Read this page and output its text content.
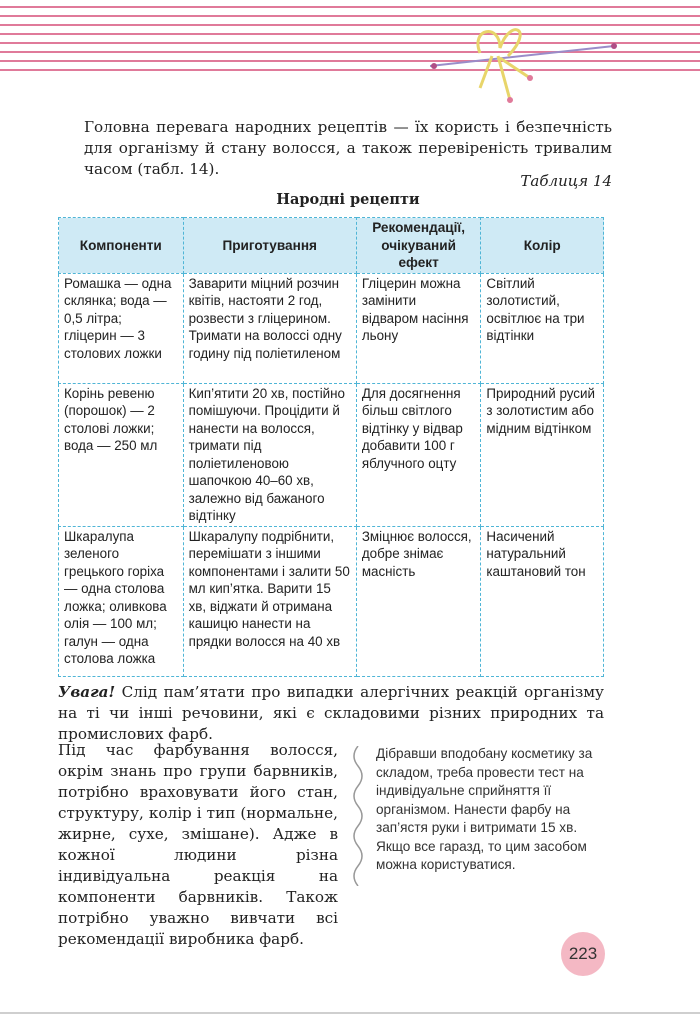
Головна перевага народних рецептів — їх користь і безпечність для організму й стану волосся, а також перевіреність тривалим часом (табл. 14).
Таблиця 14
Народні рецепти
Компоненти	Приготування	Рекомендації, очікуваний ефект	Колір
Ромашка — одна склянка; вода — 0,5 літра; гліцерин — 3 столових ложки	Заварити міцний розчин квітів, настояти 2 год, розвести з гліцерином. Тримати на волоссі одну годину під поліетиленом	Гліцерин можна замінити відваром насіння льону	Світлий золотистий, освітлює на три відтінки
Корінь ревеню (порошок) — 2 столові ложки; вода — 250 мл	Кип’ятити 20 хв, постійно помішуючи. Процідити й нанести на волосся, тримати під поліетиленовою шапочкою 40–60 хв, залежно від бажаного відтінку	Для досягнення більш світлого відтінку у відвар добавити 100 г яблучного оцту	Природний русий з золотистим або мідним відтінком
Шкаралупа зеленого грецького горіха — одна столова ложка; оливкова олія — 100 мл; галун — одна столова ложка	Шкаралупу подрібнити, перемішати з іншими компонентами і залити 50 мл кип’ятка. Варити 15 хв, віджати й отримана кашицю нанести на прядки волосся на 40 хв	Зміцнює волосся, добре знімає масність	Насичений натуральний каштановий тон
Увага! Слід пам’ятати про випадки алергічних реакцій організму на ті чи інші речовини, які є складовими різних природних та промислових фарб.
Під час фарбування волосся, окрім знань про групи барвників, потрібно враховувати його стан, структуру, колір і тип (нормальне, жирне, сухе, змішане). Адже в кожної людини різна індивідуальна реакція на компоненти барвників. Також потрібно уважно вивчати всі рекомендації виробника фарб.
Дібравши вподобану косметику за складом, треба провести тест на індивідуальне сприйняття її організмом. Нанести фарбу на зап’ястя руки і витримати 15 хв. Якщо все гаразд, то цим засобом можна користуватися.
223
